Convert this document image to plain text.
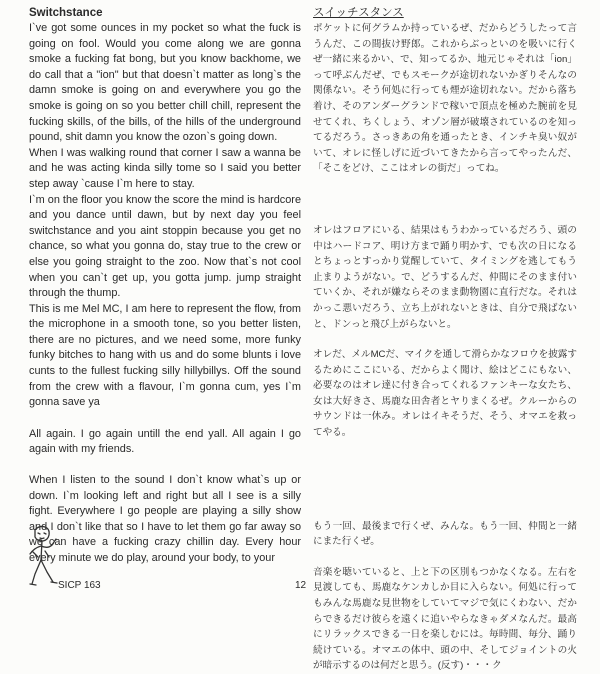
Switchstance

I`ve got some ounces in my pocket so what the fuck is going on fool. Would you come along we are gonna smoke a fucking fat bong, but you know backhome, we do call that a "ion" but that doesn`t matter as long`s the damn smoke is going on and everywhere you go the smoke is going on so you better chill chill, represent the fucking skills, of the bills, of the hills of the underground pound, shit damn you know the ozon`s going down.

When I was walking round that corner I saw a wanna be and he was acting kinda silly tome so I said you better step away `cause I`m here to stay.

I`m on the floor you know the score the mind is hardcore and you dance until dawn, but by next day you feel switchstance and you aint stoppin because you get no chance, so what you gonna do, stay true to the crew or else you going straight to the zoo. Now that`s not cool when you can`t get up, you gotta jump. jump straight through the thump.

This is me Mel MC, I am here to represent the flow, from the microphone in a smooth tone, so you better listen, there are no pictures, and we need some, more funky funky bitches to hang with us and do some blunts i love cunts to the fullest fucking silly hillybillys. Off the sound from the crew with a flavour, I`m gonna cum, yes I`m gonna save ya

All again. I go again untill the end yall. All again I go again with my friends.

When I listen to the sound I don`t know what`s up or down. I`m looking left and right but all I see is a silly fight. Everywhere I go people are playing a silly show and I don`t like that so I have to let them go far away so we can have a fucking crazy chillin day. Every hour every minute we do play, around your body, to your

スイッチスタンス

ポケットに何グラムか持っているぜ、だからどうしたって言うんだ、この間抜け野郎。これからぶっといのを吸いに行くぜ一緒に来るかい、で、知ってるか、地元じゃそれは「ion」って呼ぶんだぜ、でもスモークが途切れないかぎりそんなの関係ない。そう何処に行っても煙が途切れない。だから落ち着け、そのアンダーグランドで稼いで頂点を極めた腕前を見せてくれ、ちくしょう、オゾン層が破壊されているのを知ってるだろう。さっきあの角を通ったとき、インチキ臭い奴がいて、オレに怪しげに近づいてきたから言ってやったんだ、「そこをどけ、ここはオレの街だ」ってね。

オレはフロアにいる、結果はもうわかっているだろう、頭の中はハードコア、明け方まで踊り明かす、でも次の日になるとちょっとすっかり覚醒していて、タイミングを逃してもう止まりようがない。で、どうするんだ、仲間にそのまま付いていくか、それが嫌ならそのまま動物園に直行だな。それはかっこ悪いだろう、立ち上がれないときは、自分で飛ばないと、ドンっと飛び上がらないと。

オレだ、メルMCだ、マイクを通して滑らかなフロウを披露するためにここにいる、だからよく聞け、絵はどこにもない、必要なのはオレ達に付き合ってくれるファンキーな女たち、女は大好きさ、馬鹿な田舎者とヤりまくるぜ。クルーからのサウンドは一休み。オレはイキそうだ、そう、オマエを救ってやる。

もう一回、最後まで行くぜ、みんな。もう一回、仲間と一緒にまた行くぜ。

音楽を聴いていると、上と下の区別もつかなくなる。左右を見渡しても、馬鹿なケンカしか目に入らない。何処に行ってもみんな馬鹿な見世物をしていてマジで気にくわない、だからできるだけ彼らを遠くに追いやらなきゃダメなんだ。最高にリラックスできる一日を楽しむには。毎時間、毎分、踊り続けている。オマエの体中、頭の中、そしてジョイントの火が暗示するのは何だと思う。(反す)・・・ク

SICP 163	12
